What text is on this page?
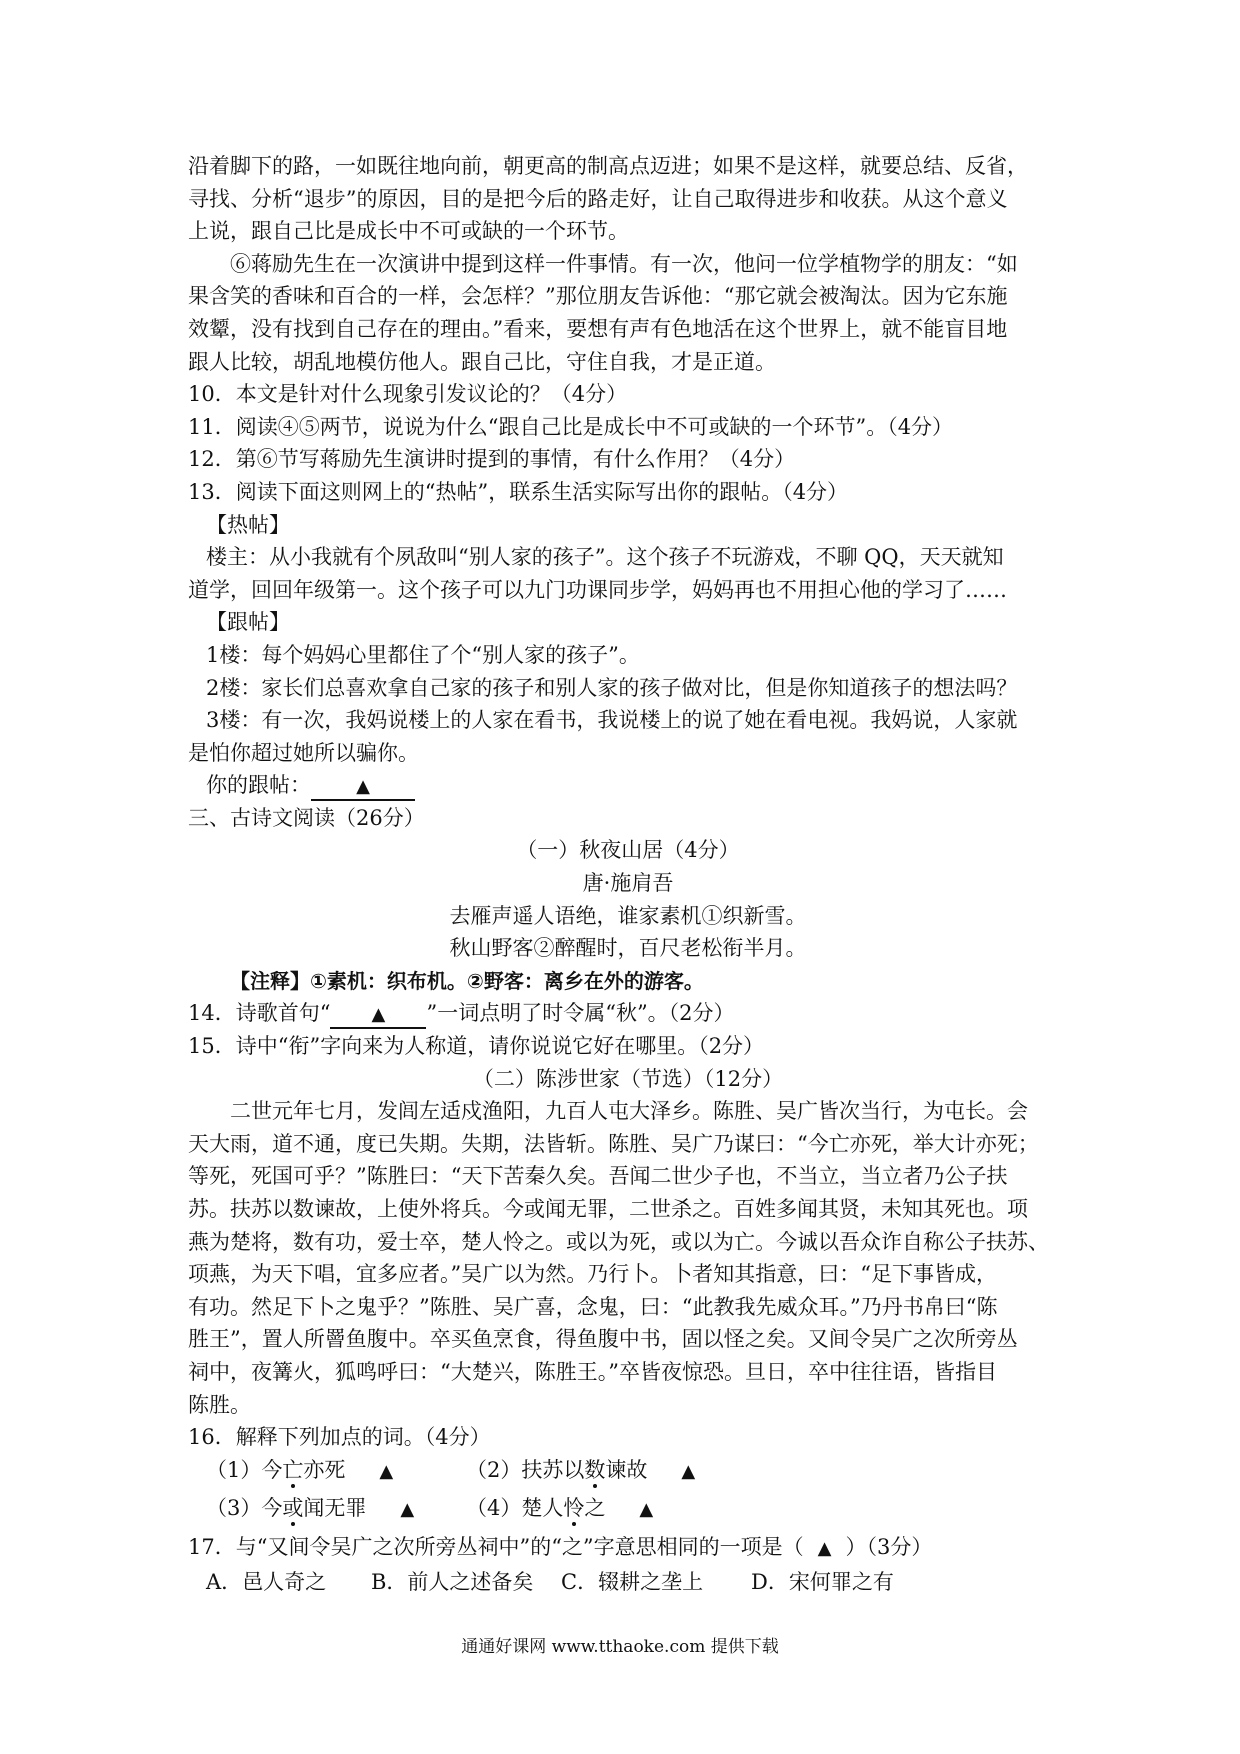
沿着脚下的路，一如既往地向前，朝更高的制高点迈进；如果不是这样，就要总结、反省，
寻找、分析“退步”的原因，目的是把今后的路走好，让自己取得进步和收获。从这个意义
上说，跟自己比是成长中不可或缺的一个环节。
⑥蒋励先生在一次演讲中提到这样一件事情。有一次，他问一位学植物学的朋友：“如
果含笑的香味和百合的一样，会怎样？”那位朋友告诉他：“那它就会被淘汰。因为它东施
效颦，没有找到自己存在的理由。”看来，要想有声有色地活在这个世界上，就不能盲目地
跟人比较，胡乱地模仿他人。跟自己比，守住自我，才是正道。
10．本文是针对什么现象引发议论的？（4分）
11．阅读④⑤两节，说说为什么“跟自己比是成长中不可或缺的一个环节”。（4分）
12．第⑥节写蒋励先生演讲时提到的事情，有什么作用？（4分）
13．阅读下面这则网上的“热帖”，联系生活实际写出你的跟帖。（4分）
【热帖】
楼主：从小我就有个夙敌叫“别人家的孩子”。这个孩子不玩游戏，不聊 QQ，天天就知
道学，回回年级第一。这个孩子可以九门功课同步学，妈妈再也不用担心他的学习了……
【跟帖】
1楼：每个妈妈心里都住了个“别人家的孩子”。
2楼：家长们总喜欢拿自己家的孩子和别人家的孩子做对比，但是你知道孩子的想法吗？
3楼：有一次，我妈说楼上的人家在看书，我说楼上的说了她在看电视。我妈说，人家就
是怕你超过她所以骗你。
你的跟帖：	▲
三、古诗文阅读（26分）
（一）秋夜山居（4分）
唐·施肩吾
去雁声遥人语绝，谁家素机①织新雪。
秋山野客②醉醒时，百尺老松衔半月。
【注释】①素机：织布机。②野客：离乡在外的游客。
14．诗歌首句“ ▲ ”一词点明了时令属“秋”。（2分）
15．诗中“衔”字向来为人称道，请你说说它好在哪里。（2分）
（二）陈涉世家（节选）（12分）
二世元年七月，发闾左适戍渔阳，九百人屯大泽乡。陈胜、吴广皆次当行，为屯长。会
天大雨，道不通，度已失期。失期，法皆斩。陈胜、吴广乃谋曰：“今亡亦死，举大计亦死；
等死，死国可乎？”陈胜曰：“天下苦秦久矣。吾闻二世少子也，不当立，当立者乃公子扶
苏。扶苏以数谏故，上使外将兵。今或闻无罪，二世杀之。百姓多闻其贤，未知其死也。项
燕为楚将，数有功，爱士卒，楚人怜之。或以为死，或以为亡。今诚以吾众诈自称公子扶苏、
项燕，为天下唱，宜多应者。”吴广以为然。乃行卜。卜者知其指意，曰：“足下事皆成，
有功。然足下卜之鬼乎？”陈胜、吴广喜，念鬼，曰：“此教我先威众耳。”乃丹书帛曰“陈
胜王”，置人所罾鱼腹中。卒买鱼烹食，得鱼腹中书，固以怪之矣。又间令吴广之次所旁丛
祠中，夜篝火，狐鸣呼曰：“大楚兴，陈胜王。”卒皆夜惊恐。旦日，卒中往往语，皆指目
陈胜。
16．解释下列加点的词。（4分）
（1）今亡亦死 ▲	（2）扶苏以数谏故 ▲
（3）今或闻无罪 ▲ （4）楚人怜之 ▲
17．与“又间令吴广之次所旁丛祠中”的“之”字意思相同的一项是（ ▲ ）（3分）
A．邑人奇之 B．前人之述备矣 C．辍耕之垄上 D．宋何罪之有
通通好课网 www.tthaoke.com 提供下载
